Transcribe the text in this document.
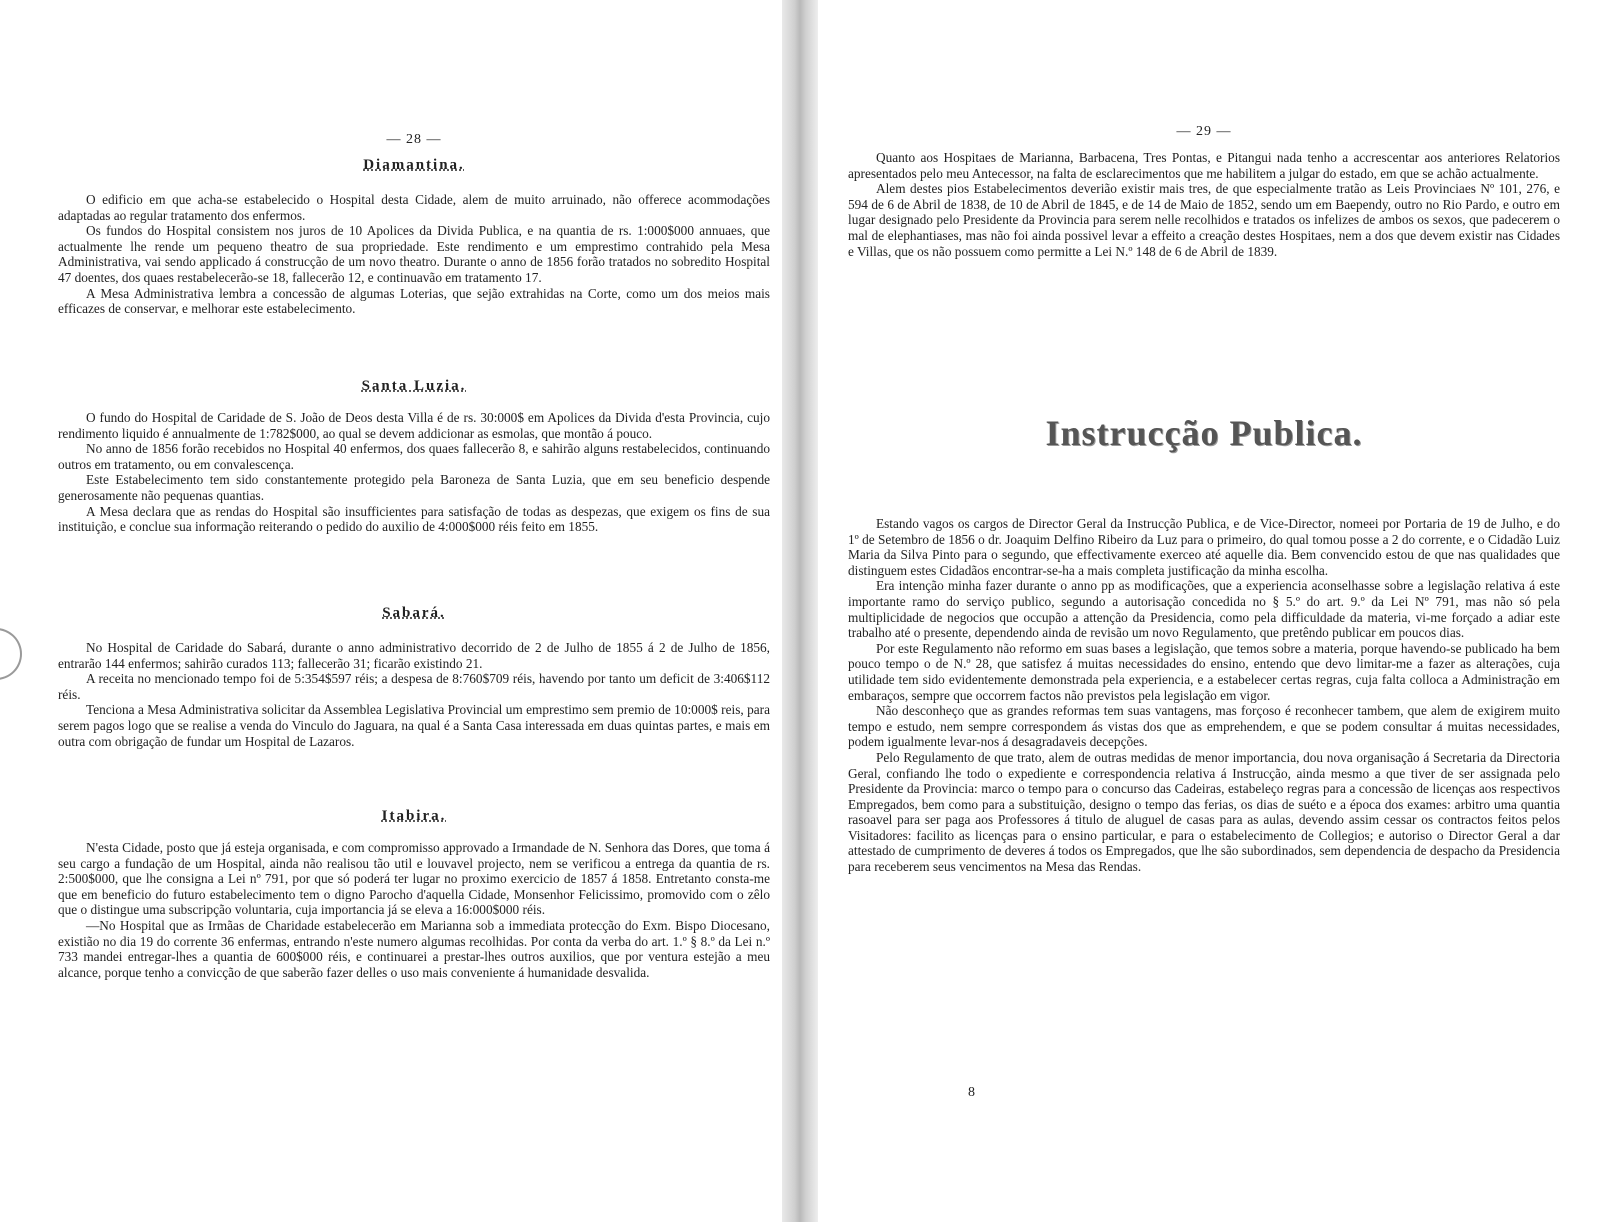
— 28 —
Diamantina.

O edificio em que acha-se estabelecido o Hospital desta Cidade, alem de muito arruinado, não offerece acommodações adaptadas ao regular tratamento dos enfermos.

Os fundos do Hospital consistem nos juros de 10 Apolices da Divida Publica, e na quantia de rs. 1:000$000 annuaes, que actualmente lhe rende um pequeno theatro de sua propriedade. Este rendimento e um emprestimo contrahido pela Mesa Administrativa, vai sendo applicado á construcção de um novo theatro. Durante o anno de 1856 forão tratados no sobredito Hospital 47 doentes, dos quaes restabelecerão-se 18, fallecerão 12, e continuavão em tratamento 17.

A Mesa Administrativa lembra a concessão de algumas Loterias, que sejão extrahidas na Corte, como um dos meios mais efficazes de conservar, e melhorar este estabelecimento.

Santa Luzia.

O fundo do Hospital de Caridade de S. João de Deos desta Villa é de rs. 30:000$ em Apolices da Divida d'esta Provincia, cujo rendimento liquido é annualmente de 1:782$000, ao qual se devem addicionar as esmolas, que montão á pouco.

No anno de 1856 forão recebidos no Hospital 40 enfermos, dos quaes fallecerão 8, e sahirão alguns restabelecidos, continuando outros em tratamento, ou em convalescença.

Este Estabelecimento tem sido constantemente protegido pela Baroneza de Santa Luzia, que em seu beneficio despende generosamente não pequenas quantias.

A Mesa declara que as rendas do Hospital são insufficientes para satisfação de todas as despezas, que exigem os fins de sua instituição, e conclue sua informação reiterando o pedido do auxilio de 4:000$000 réis feito em 1855.

Sabará.

No Hospital de Caridade do Sabará, durante o anno administrativo decorrido de 2 de Julho de 1855 á 2 de Julho de 1856, entrarão 144 enfermos; sahirão curados 113; fallecerão 31; ficarão existindo 21.

A receita no mencionado tempo foi de 5:354$597 réis; a despesa de 8:760$709 réis, havendo por tanto um deficit de 3:406$112 réis.

Tenciona a Mesa Administrativa solicitar da Assemblea Legislativa Provincial um emprestimo sem premio de 10:000$ reis, para serem pagos logo que se realise a venda do Vinculo do Jaguara, na qual é a Santa Casa interessada em duas quintas partes, e mais em outra com obrigação de fundar um Hospital de Lazaros.

Itabira.

N'esta Cidade, posto que já esteja organisada, e com compromisso approvado a Irmandade de N. Senhora das Dores, que toma á seu cargo a fundação de um Hospital, ainda não realisou tão util e louvavel projecto, nem se verificou a entrega da quantia de rs. 2:500$000, que lhe consigna a Lei nº 791, por que só poderá ter lugar no proximo exercicio de 1857 á 1858. Entretanto consta-me que em beneficio do futuro estabelecimento tem o digno Parocho d'aquella Cidade, Monsenhor Felicissimo, promovido com o zêlo que o distingue uma subscripção voluntaria, cuja importancia já se eleva a 16:000$000 réis.

—No Hospital que as Irmãas de Charidade estabelecerão em Marianna sob a immediata protecção do Exm. Bispo Diocesano, existião no dia 19 do corrente 36 enfermas, entrando n'este numero algumas recolhidas. Por conta da verba do art. 1.º § 8.º da Lei n.º 733 mandei entregar-lhes a quantia de 600$000 réis, e continuarei a prestar-lhes outros auxilios, que por ventura estejão a meu alcance, porque tenho a convicção de que saberão fazer delles o uso mais conveniente á humanidade desvalida.

— 29 —

Quanto aos Hospitaes de Marianna, Barbacena, Tres Pontas, e Pitangui nada tenho a accrescentar aos anteriores Relatorios apresentados pelo meu Antecessor, na falta de esclarecimentos que me habilitem a julgar do estado, em que se achão actualmente.

Alem destes pios Estabelecimentos deverião existir mais tres, de que especialmente tratão as Leis Provinciaes Nº 101, 276, e 594 de 6 de Abril de 1838, de 10 de Abril de 1845, e de 14 de Maio de 1852, sendo um em Baependy, outro no Rio Pardo, e outro em lugar designado pelo Presidente da Provincia para serem nelle recolhidos e tratados os infelizes de ambos os sexos, que padecerem o mal de elephantiases, mas não foi ainda possivel levar a effeito a creação destes Hospitaes, nem a dos que devem existir nas Cidades e Villas, que os não possuem como permitte a Lei N.º 148 de 6 de Abril de 1839.

Instrucção Publica.

Estando vagos os cargos de Director Geral da Instrucção Publica, e de Vice-Director, nomeei por Portaria de 19 de Julho, e do 1º de Setembro de 1856 o dr. Joaquim Delfino Ribeiro da Luz para o primeiro, do qual tomou posse a 2 do corrente, e o Cidadão Luiz Maria da Silva Pinto para o segundo, que effectivamente exerceo até aquelle dia. Bem convencido estou de que nas qualidades que distinguem estes Cidadãos encontrar-se-ha a mais completa justificação da minha escolha.

Era intenção minha fazer durante o anno pp as modificações, que a experiencia aconselhasse sobre a legislação relativa á este importante ramo do serviço publico, segundo a autorisação concedida no § 5.º do art. 9.º da Lei Nº 791, mas não só pela multiplicidade de negocios que occupão a attenção da Presidencia, como pela difficuldade da materia, vi-me forçado a adiar este trabalho até o presente, dependendo ainda de revisão um novo Regulamento, que pretêndo publicar em poucos dias.

Por este Regulamento não reformo em suas bases a legislação, que temos sobre a materia, porque havendo-se publicado ha bem pouco tempo o de N.º 28, que satisfez á muitas necessidades do ensino, entendo que devo limitar-me a fazer as alterações, cuja utilidade tem sido evidentemente demonstrada pela experiencia, e a estabelecer certas regras, cuja falta colloca a Administração em embaraços, sempre que occorrem factos não previstos pela legislação em vigor.

Não desconheço que as grandes reformas tem suas vantagens, mas forçoso é reconhecer tambem, que alem de exigirem muito tempo e estudo, nem sempre correspondem ás vistas dos que as emprehendem, e que se podem consultar á muitas necessidades, podem igualmente levar-nos á desagradaveis decepções.

Pelo Regulamento de que trato, alem de outras medidas de menor importancia, dou nova organisação á Secretaria da Directoria Geral, confiando lhe todo o expediente e correspondencia relativa á Instrucção, ainda mesmo a que tiver de ser assignada pelo Presidente da Provincia: marco o tempo para o concurso das Cadeiras, estabeleço regras para a concessão de licenças aos respectivos Empregados, bem como para a substituição, designo o tempo das ferias, os dias de suéto e a época dos exames: arbitro uma quantia rasoavel para ser paga aos Professores á titulo de aluguel de casas para as aulas, devendo assim cessar os contractos feitos pelos Visitadores: facilito as licenças para o ensino particular, e para o estabelecimento de Collegios; e autoriso o Director Geral a dar attestado de cumprimento de deveres á todos os Empregados, que lhe são subordinados, sem dependencia de despacho da Presidencia para receberem seus vencimentos na Mesa das Rendas.

8
